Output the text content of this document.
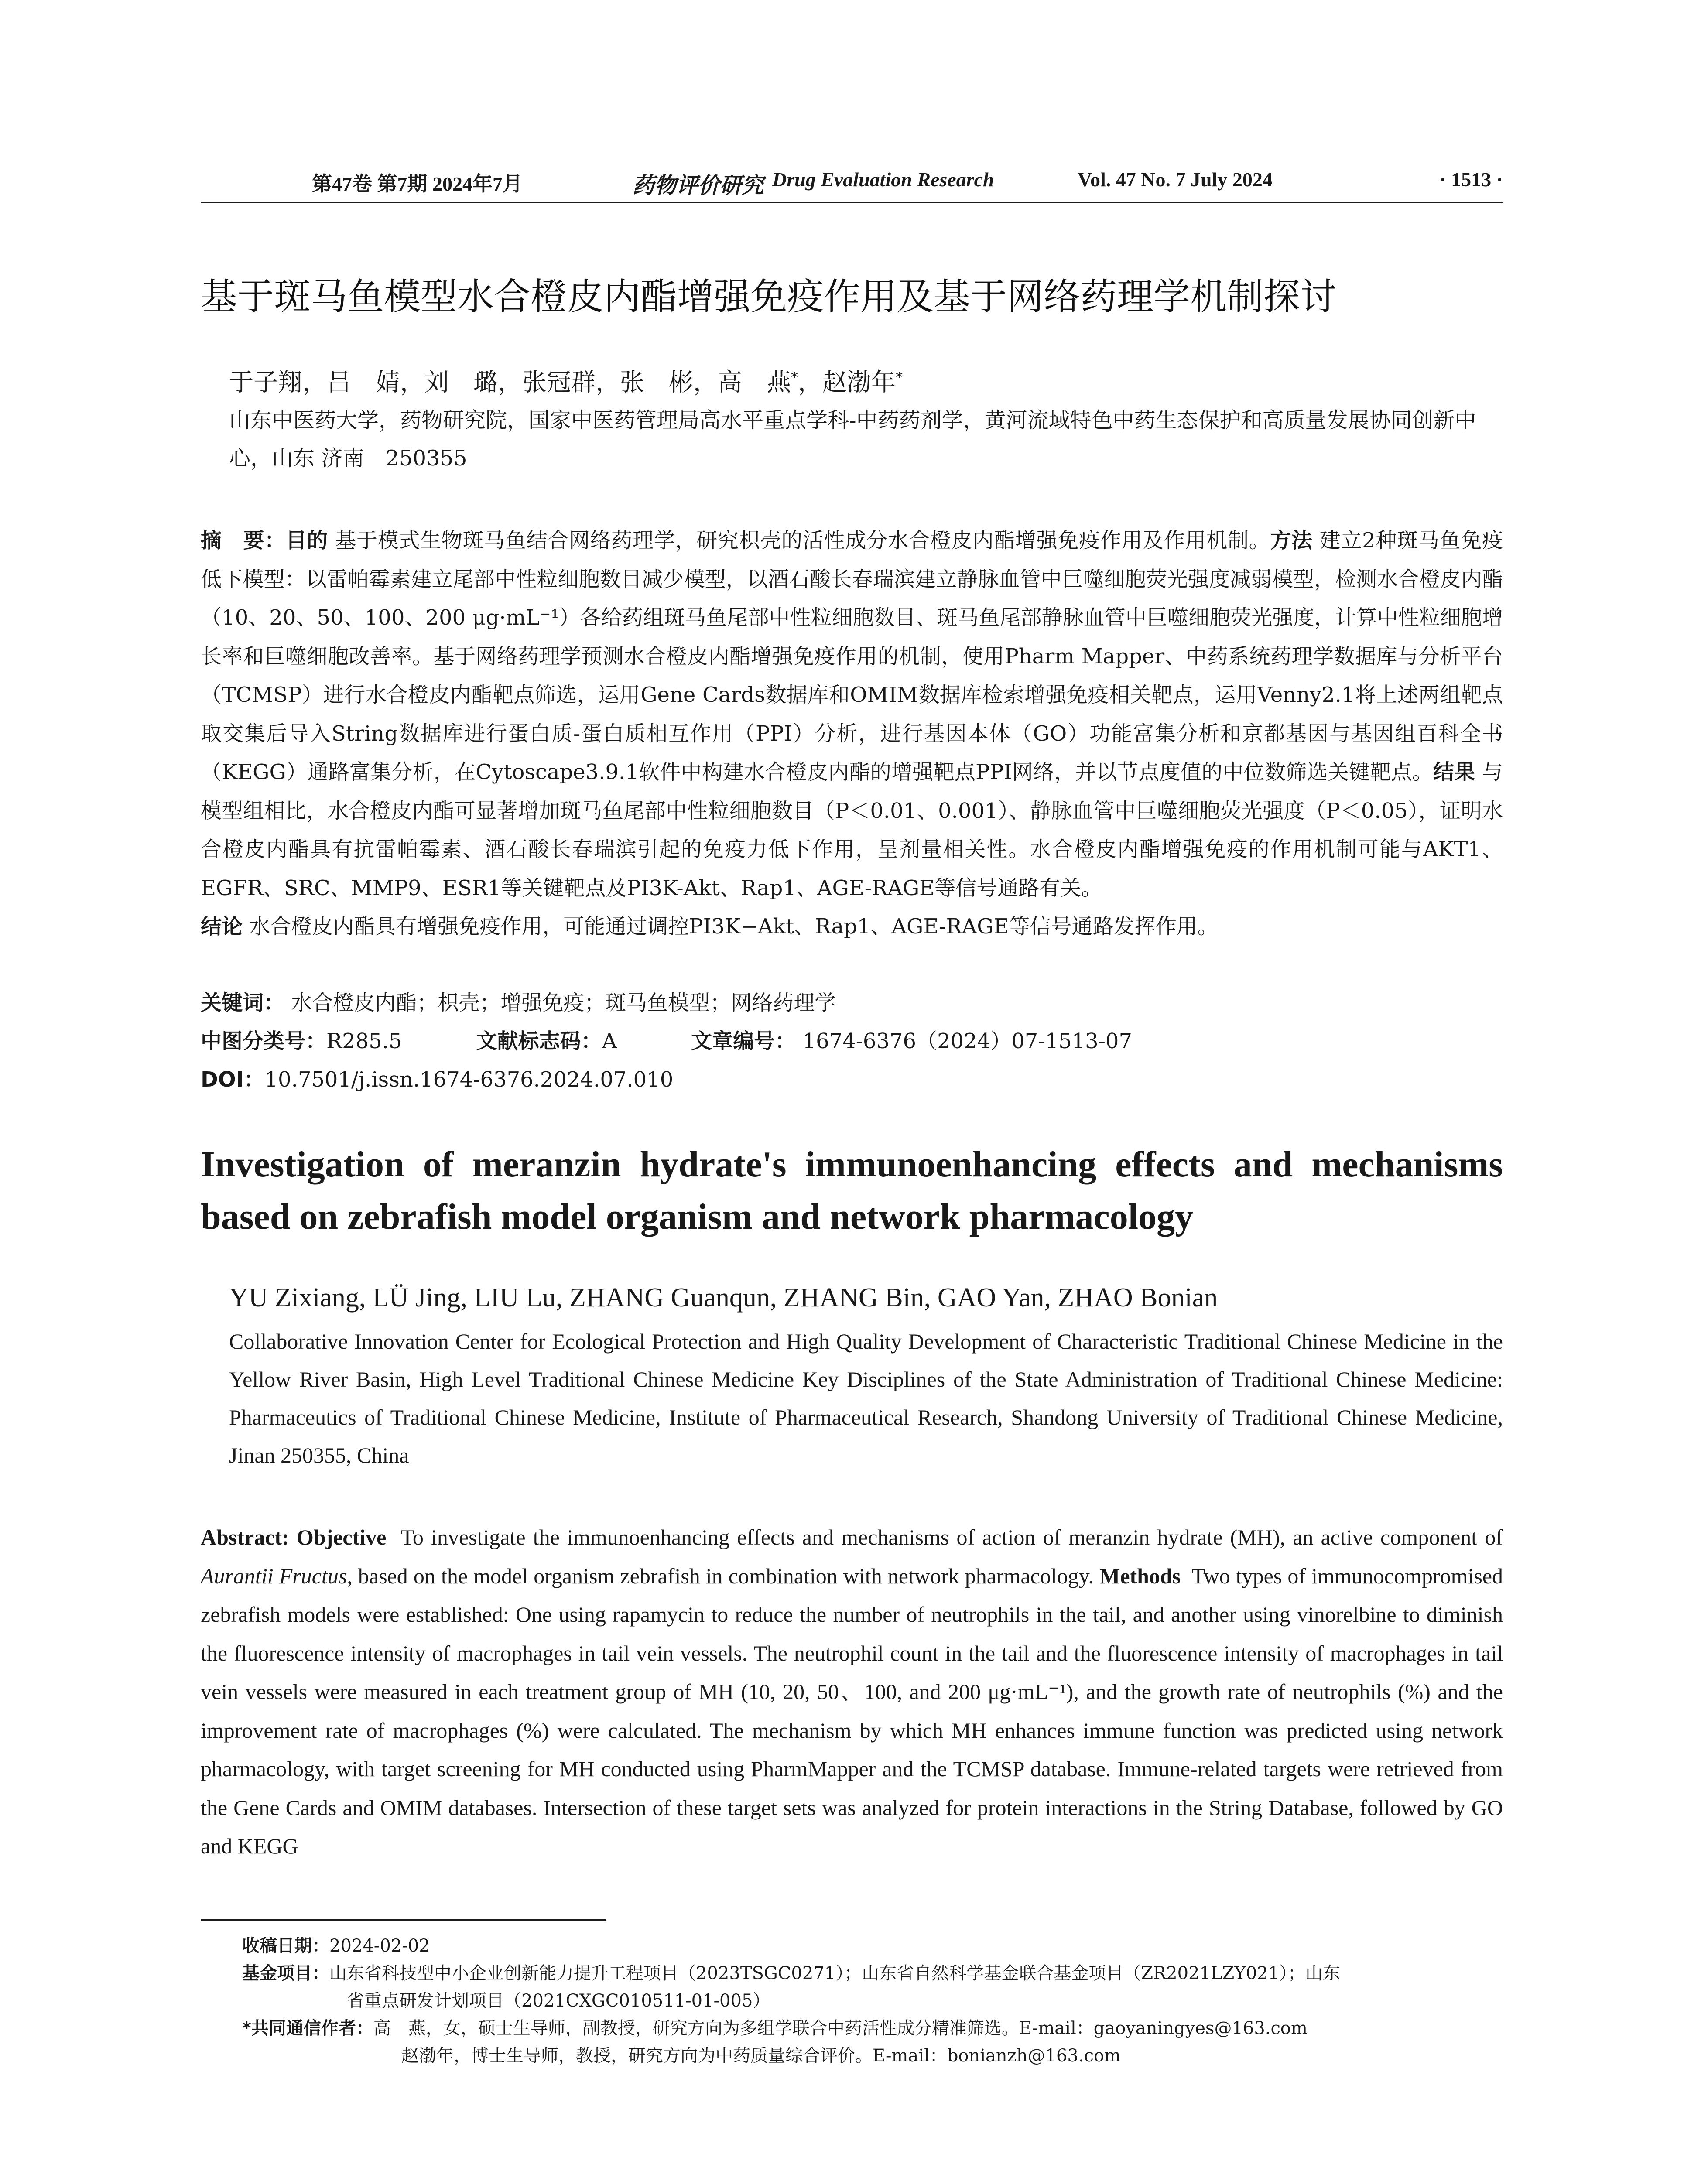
第47卷 第7期 2024年7月	药物评价研究 Drug Evaluation Research	Vol. 47 No. 7 July 2024	· 1513 ·
基于斑马鱼模型水合橙皮内酯增强免疫作用及基于网络药理学机制探讨
于子翔，吕　婧，刘　璐，张冠群，张　彬，高　燕*，赵渤年*
山东中医药大学，药物研究院，国家中医药管理局高水平重点学科-中药药剂学，黄河流域特色中药生态保护和高质量发展协同创新中心，山东 济南　250355
摘　要：目的 基于模式生物斑马鱼结合网络药理学，研究枳壳的活性成分水合橙皮内酯增强免疫作用及作用机制。方法 建立2种斑马鱼免疫低下模型：以雷帕霉素建立尾部中性粒细胞数目减少模型，以酒石酸长春瑞滨建立静脉血管中巨噬细胞荧光强度减弱模型，检测水合橙皮内酯（10、20、50、100、200 μg·mL⁻¹）各给药组斑马鱼尾部中性粒细胞数目、斑马鱼尾部静脉血管中巨噬细胞荧光强度，计算中性粒细胞增长率和巨噬细胞改善率。基于网络药理学预测水合橙皮内酯增强免疫作用的机制，使用Pharm Mapper、中药系统药理学数据库与分析平台（TCMSP）进行水合橙皮内酯靶点筛选，运用Gene Cards数据库和OMIM数据库检索增强免疫相关靶点，运用Venny2.1将上述两组靶点取交集后导入String数据库进行蛋白质-蛋白质相互作用（PPI）分析，进行基因本体（GO）功能富集分析和京都基因与基因组百科全书（KEGG）通路富集分析，在Cytoscape3.9.1软件中构建水合橙皮内酯的增强靶点PPI网络，并以节点度值的中位数筛选关键靶点。结果 与模型组相比，水合橙皮内酯可显著增加斑马鱼尾部中性粒细胞数目（P＜0.01、0.001）、静脉血管中巨噬细胞荧光强度（P＜0.05），证明水合橙皮内酯具有抗雷帕霉素、酒石酸长春瑞滨引起的免疫力低下作用，呈剂量相关性。水合橙皮内酯增强免疫的作用机制可能与AKT1、EGFR、SRC、MMP9、ESR1等关键靶点及PI3K-Akt、Rap1、AGE-RAGE等信号通路有关。
结论 水合橙皮内酯具有增强免疫作用，可能通过调控PI3K−Akt、Rap1、AGE-RAGE等信号通路发挥作用。
关键词： 水合橙皮内酯；枳壳；增强免疫；斑马鱼模型；网络药理学
中图分类号：R285.5	文献标志码：A	文章编号： 1674-6376（2024）07-1513-07
DOI：10.7501/j.issn.1674-6376.2024.07.010
Investigation of meranzin hydrate's immunoenhancing effects and mechanisms based on zebrafish model organism and network pharmacology
YU Zixiang, LÜ Jing, LIU Lu, ZHANG Guanqun, ZHANG Bin, GAO Yan, ZHAO Bonian
Collaborative Innovation Center for Ecological Protection and High Quality Development of Characteristic Traditional Chinese Medicine in the Yellow River Basin, High Level Traditional Chinese Medicine Key Disciplines of the State Administration of Traditional Chinese Medicine: Pharmaceutics of Traditional Chinese Medicine, Institute of Pharmaceutical Research, Shandong University of Traditional Chinese Medicine, Jinan 250355, China
Abstract: Objective To investigate the immunoenhancing effects and mechanisms of action of meranzin hydrate (MH), an active component of Aurantii Fructus, based on the model organism zebrafish in combination with network pharmacology. Methods Two types of immunocompromised zebrafish models were established: One using rapamycin to reduce the number of neutrophils in the tail, and another using vinorelbine to diminish the fluorescence intensity of macrophages in tail vein vessels. The neutrophil count in the tail and the fluorescence intensity of macrophages in tail vein vessels were measured in each treatment group of MH (10, 20, 50、100, and 200 μg·mL⁻¹), and the growth rate of neutrophils (%) and the improvement rate of macrophages (%) were calculated. The mechanism by which MH enhances immune function was predicted using network pharmacology, with target screening for MH conducted using PharmMapper and the TCMSP database. Immune-related targets were retrieved from the Gene Cards and OMIM databases. Intersection of these target sets was analyzed for protein interactions in the String Database, followed by GO and KEGG
收稿日期：2024-02-02
基金项目：山东省科技型中小企业创新能力提升工程项目（2023TSGC0271）；山东省自然科学基金联合基金项目（ZR2021LZY021）；山东
省重点研发计划项目（2021CXGC010511-01-005）
*共同通信作者：高　燕，女，硕士生导师，副教授，研究方向为多组学联合中药活性成分精准筛选。E-mail：gaoyaningyes@163.com
赵渤年，博士生导师，教授，研究方向为中药质量综合评价。E-mail：bonianzh@163.com
